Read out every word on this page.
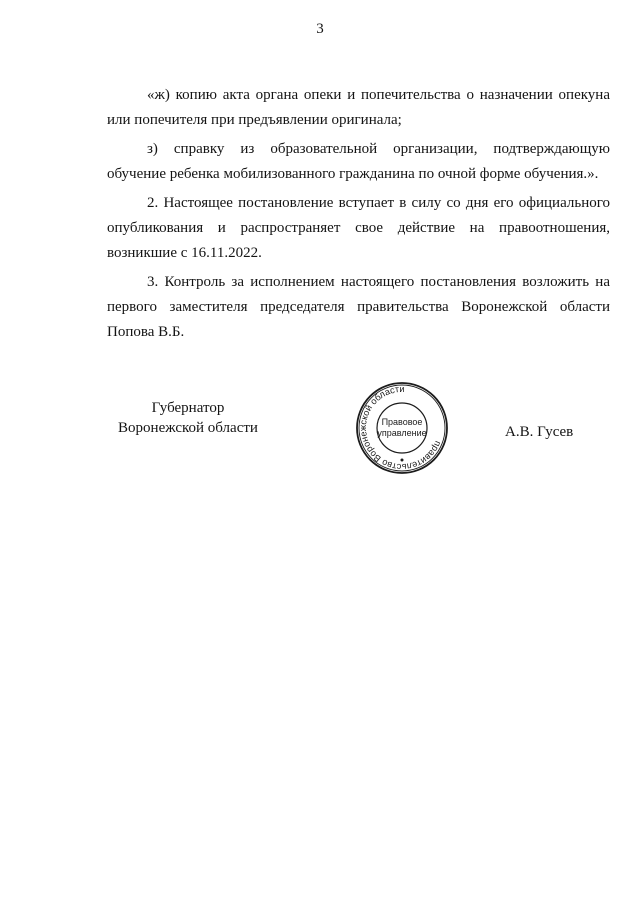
3

«ж) копию акта органа опеки и попечительства о назначении опекуна или попечителя при предъявлении оригинала;

з) справку из образовательной организации, подтверждающую обучение ребенка мобилизованного гражданина по очной форме обучения.».

2. Настоящее постановление вступает в силу со дня его официального опубликования и распространяет свое действие на правоотношения, возникшие с 16.11.2022.

3. Контроль за исполнением настоящего постановления возложить на первого заместителя председателя правительства Воронежской области Попова В.Б.

Губернатор
Воронежской области
правительство Воронежской области
Правовое
управление	А.В. Гусев
